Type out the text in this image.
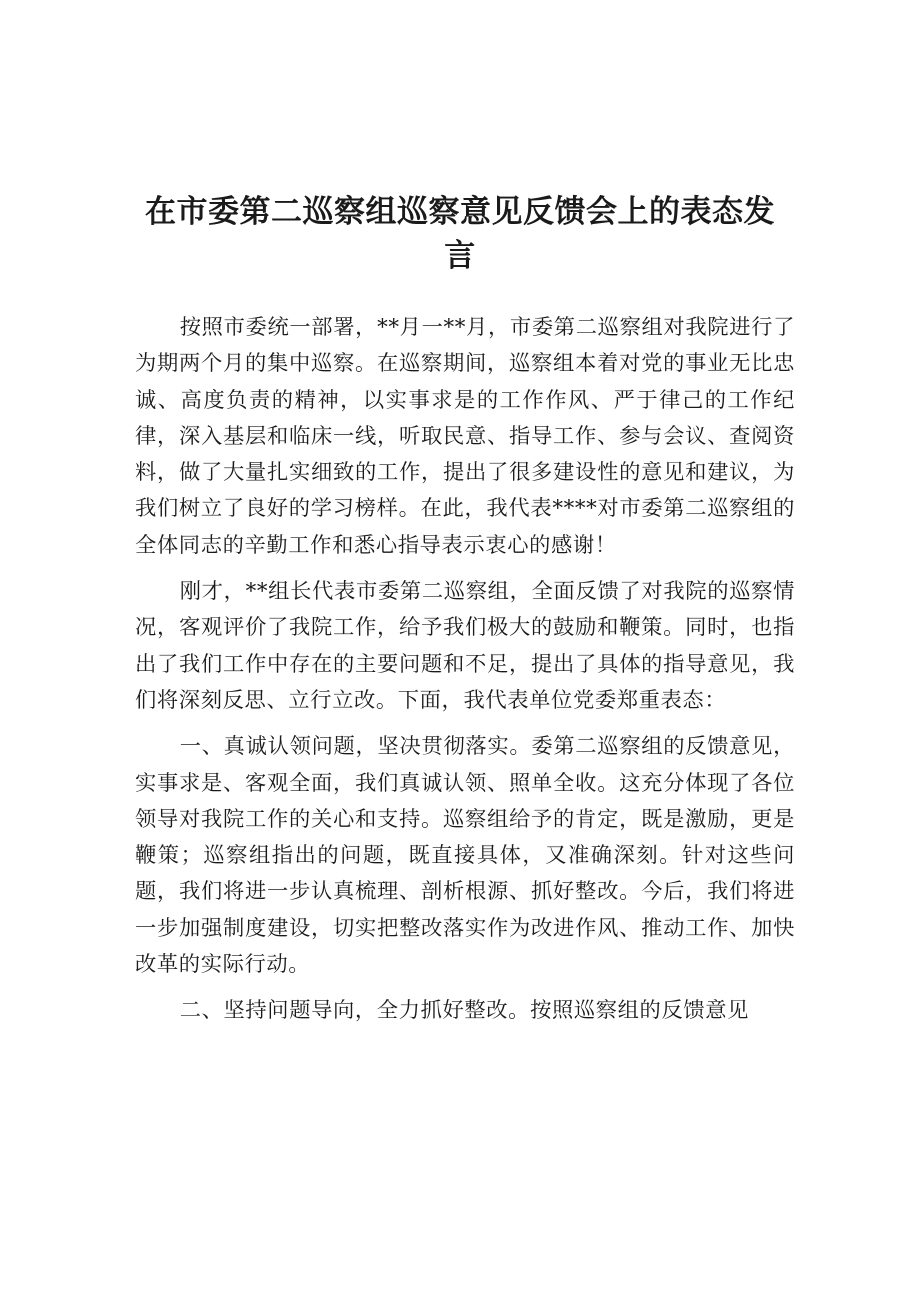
在市委第二巡察组巡察意见反馈会上的表态发言

按照市委统一部署，**月一**月，市委第二巡察组对我院进行了为期两个月的集中巡察。在巡察期间，巡察组本着对党的事业无比忠诚、高度负责的精神，以实事求是的工作作风、严于律己的工作纪律，深入基层和临床一线，听取民意、指导工作、参与会议、查阅资料，做了大量扎实细致的工作，提出了很多建设性的意见和建议，为我们树立了良好的学习榜样。在此，我代表****对市委第二巡察组的全体同志的辛勤工作和悉心指导表示衷心的感谢！

刚才，**组长代表市委第二巡察组，全面反馈了对我院的巡察情况，客观评价了我院工作，给予我们极大的鼓励和鞭策。同时，也指出了我们工作中存在的主要问题和不足，提出了具体的指导意见，我们将深刻反思、立行立改。下面，我代表单位党委郑重表态：

一、真诚认领问题，坚决贯彻落实。委第二巡察组的反馈意见，实事求是、客观全面，我们真诚认领、照单全收。这充分体现了各位领导对我院工作的关心和支持。巡察组给予的肯定，既是激励，更是鞭策；巡察组指出的问题，既直接具体，又准确深刻。针对这些问题，我们将进一步认真梳理、剖析根源、抓好整改。今后，我们将进一步加强制度建设，切实把整改落实作为改进作风、推动工作、加快改革的实际行动。

二、坚持问题导向，全力抓好整改。按照巡察组的反馈意见
